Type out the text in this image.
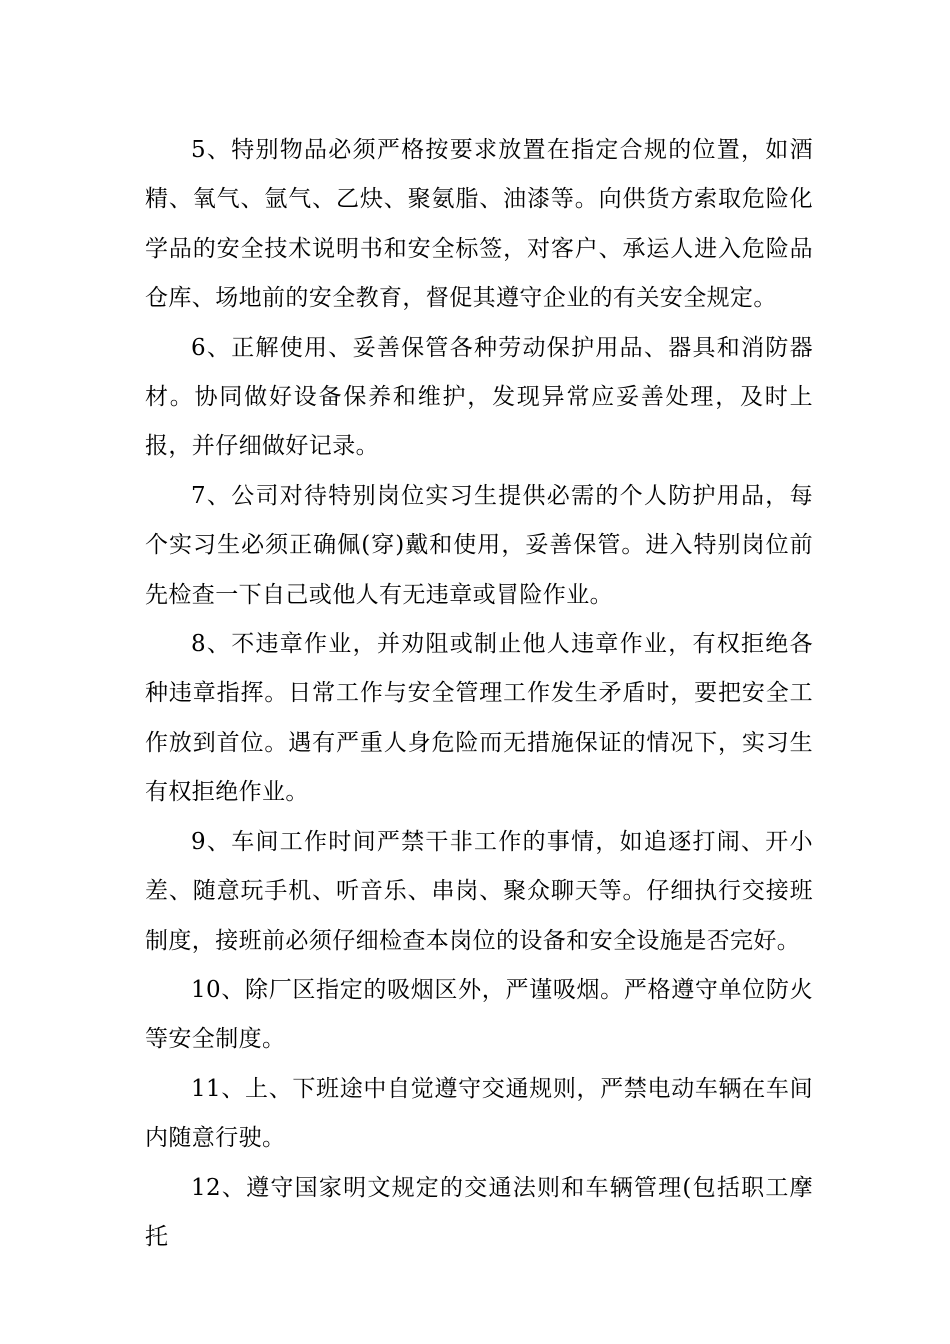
5、特别物品必须严格按要求放置在指定合规的位置，如酒精、氧气、氩气、乙炔、聚氨脂、油漆等。向供货方索取危险化学品的安全技术说明书和安全标签，对客户、承运人进入危险品仓库、场地前的安全教育，督促其遵守企业的有关安全规定。

6、正解使用、妥善保管各种劳动保护用品、器具和消防器材。协同做好设备保养和维护，发现异常应妥善处理，及时上报，并仔细做好记录。

7、公司对待特别岗位实习生提供必需的个人防护用品，每个实习生必须正确佩(穿)戴和使用，妥善保管。进入特别岗位前先检查一下自己或他人有无违章或冒险作业。

8、不违章作业，并劝阻或制止他人违章作业，有权拒绝各种违章指挥。日常工作与安全管理工作发生矛盾时，要把安全工作放到首位。遇有严重人身危险而无措施保证的情况下，实习生有权拒绝作业。

9、车间工作时间严禁干非工作的事情，如追逐打闹、开小差、随意玩手机、听音乐、串岗、聚众聊天等。仔细执行交接班制度，接班前必须仔细检查本岗位的设备和安全设施是否完好。

10、除厂区指定的吸烟区外，严谨吸烟。严格遵守单位防火等安全制度。

11、上、下班途中自觉遵守交通规则，严禁电动车辆在车间内随意行驶。

12、遵守国家明文规定的交通法则和车辆管理(包括职工摩托
